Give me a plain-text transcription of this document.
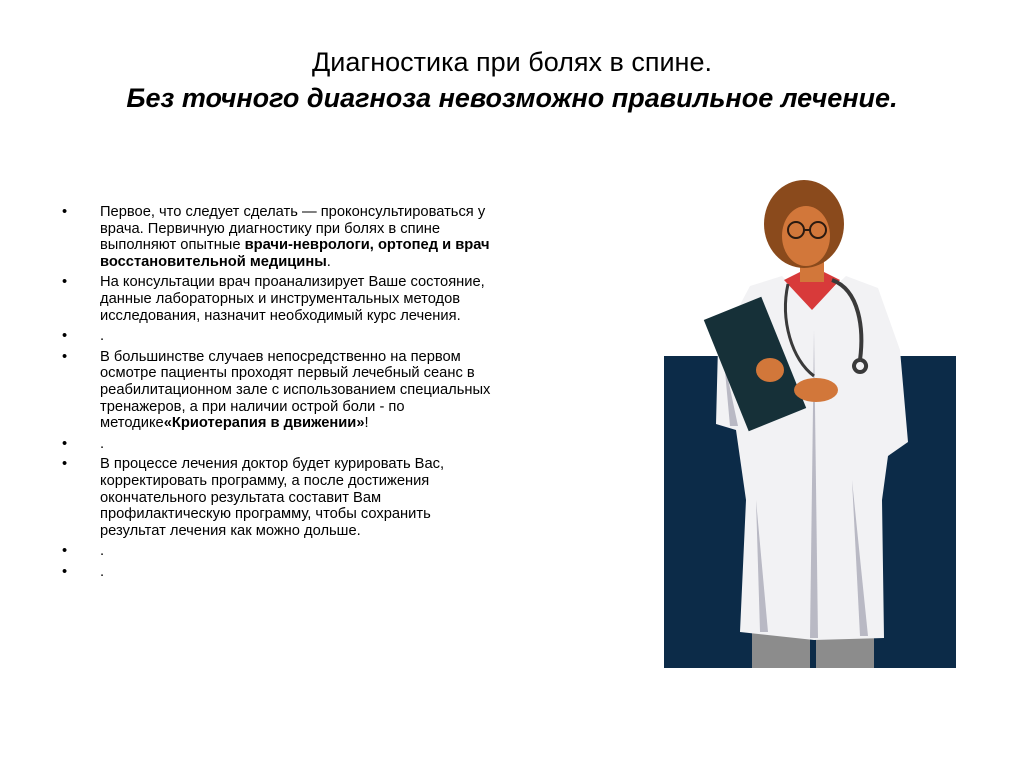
Диагностика при болях в спине.
Без точного диагноза невозможно правильное лечение.
• Первое, что следует сделать — проконсультироваться у врача. Первичную диагностику при болях в спине выполняют опытные врачи-неврологи, ортопед и врач восстановительной медицины.
• На консультации врач проанализирует Ваше состояние, данные лабораторных и инструментальных методов исследования, назначит необходимый курс лечения.
• .
• В большинстве случаев непосредственно на первом осмотре пациенты проходят первый лечебный сеанс в реабилитационном зале с использованием специальных тренажеров, а при наличии острой боли - по методике«Криотерапия в движении»!
• .
• В процессе лечения доктор будет курировать Вас, корректировать программу, а после достижения окончательного результата составит Вам профилактическую программу, чтобы сохранить результат лечения как можно дольше.
• .
• .
